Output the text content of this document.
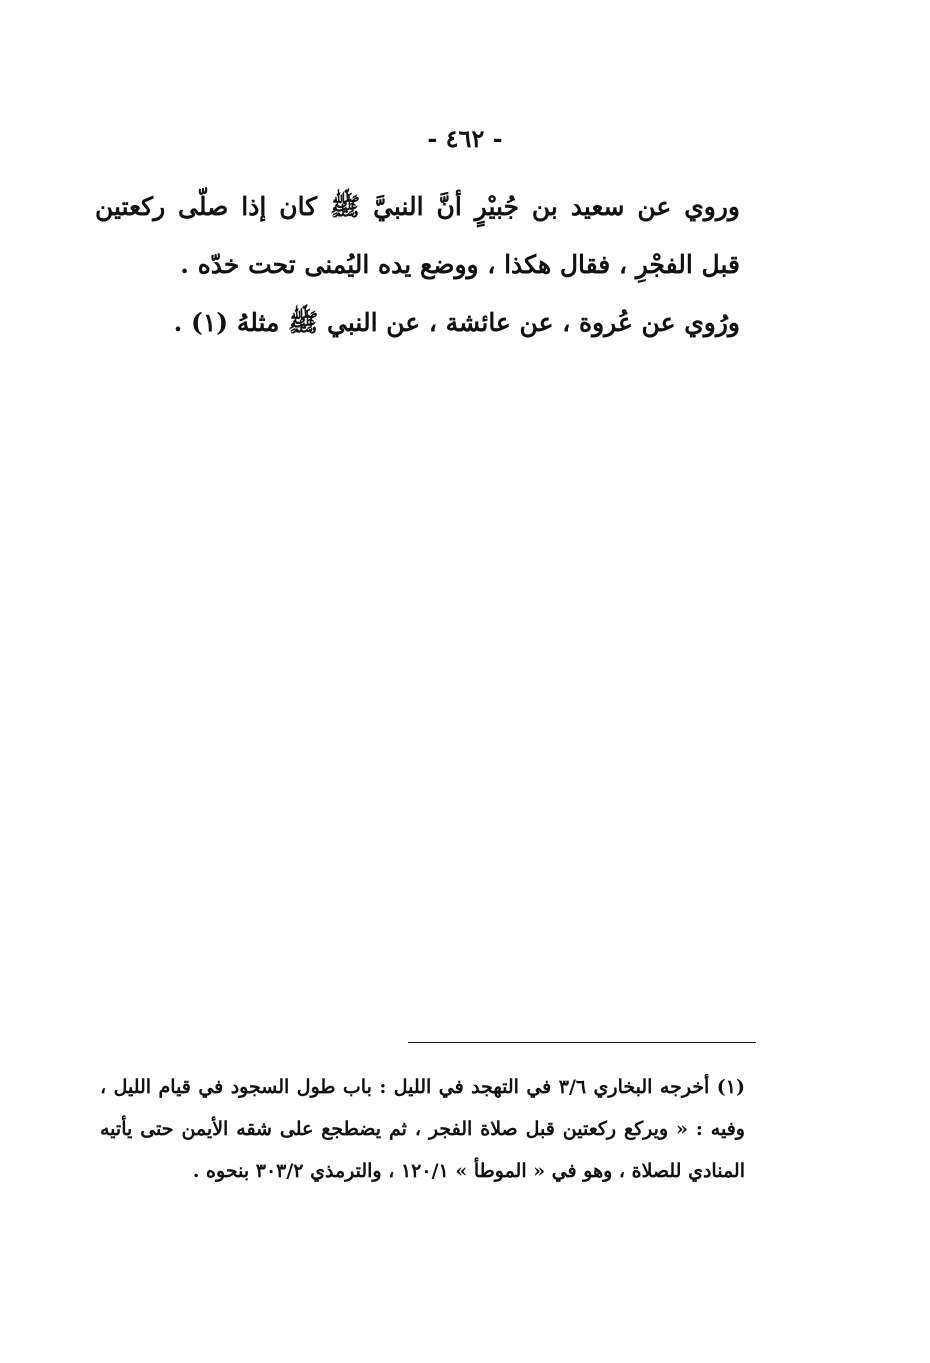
- ٤٦٢ -

وروي عن سعيد بن جُبيْرٍ أنَّ النبيَّ ﷺ كان إذا صلّى ركعتين قبل الفجْرِ ، فقال هكذا ، ووضع يده اليُمنى تحت خدّه .

ورُوي عن عُروة ، عن عائشة ، عن النبي ﷺ مثلهُ (١) .

(١) أخرجه البخاري ٣/٦ في التهجد في الليل : باب طول السجود في قيام الليل ، وفيه : « ويركع ركعتين قبل صلاة الفجر ، ثم يضطجع على شقه الأيمن حتى يأتيه المنادي للصلاة ، وهو في « الموطأ » ١٢٠/١ ، والترمذي ٣٠٣/٢ بنحوه .
